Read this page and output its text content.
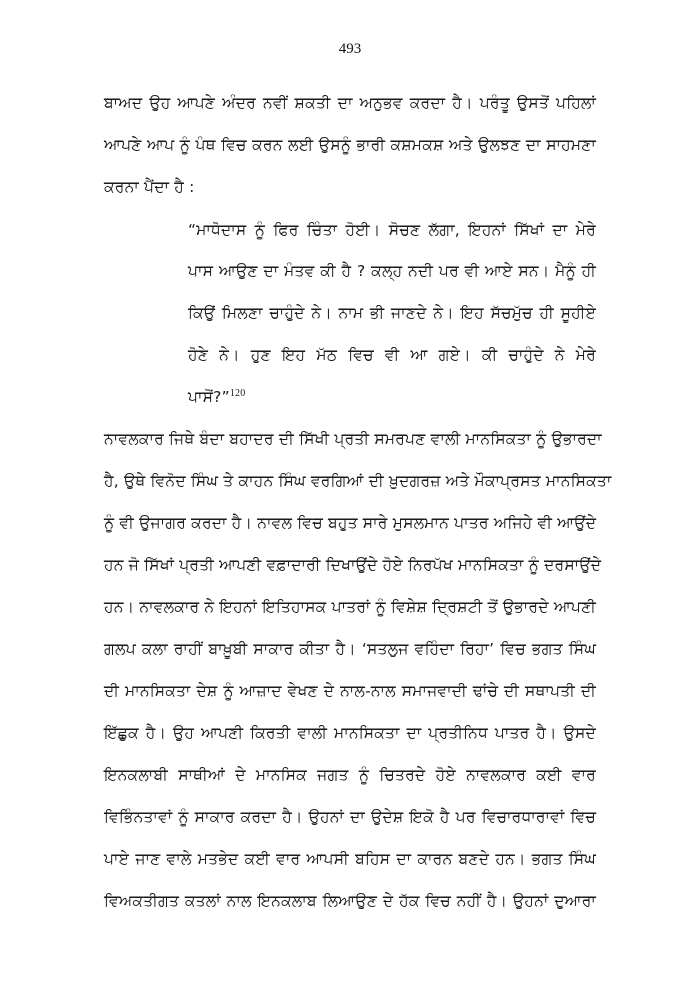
493
ਬਾਅਦ ਉਹ ਆਪਣੇ ਅੰਦਰ ਨਵੀਂ ਸ਼ਕਤੀ ਦਾ ਅਨੁਭਵ ਕਰਦਾ ਹੈ। ਪਰੰਤੂ ਉਸਤੋਂ ਪਹਿਲਾਂ
ਆਪਣੇ ਆਪ ਨੂੰ ਪੰਥ ਵਿਚ ਕਰਨ ਲਈ ਉਸਨੂੰ ਭਾਰੀ ਕਸ਼ਮਕਸ਼ ਅਤੇ ਉਲਝਣ ਦਾ ਸਾਹਮਣਾ
ਕਰਨਾ ਪੈਂਦਾ ਹੈ :
“ਮਾਧੋਦਾਸ ਨੂੰ ਫਿਰ ਚਿੰਤਾ ਹੋਈ। ਸੋਚਣ ਲੱਗਾ, ਇਹਨਾਂ ਸਿੱਖਾਂ ਦਾ ਮੇਰੇ
ਪਾਸ ਆਉਣ ਦਾ ਮੰਤਵ ਕੀ ਹੈ ? ਕਲ੍ਹ ਨਦੀ ਪਰ ਵੀ ਆਏ ਸਨ। ਮੈਨੂੰ ਹੀ
ਕਿਉਂ ਮਿਲਣਾ ਚਾਹੁੰਦੇ ਨੇ। ਨਾਮ ਭੀ ਜਾਣਦੇ ਨੇ। ਇਹ ਸੱਚਮੁੱਚ ਹੀ ਸੂਹੀਏ
ਹੋਣੇ ਨੇ। ਹੁਣ ਇਹ ਮੱਠ ਵਿਚ ਵੀ ਆ ਗਏ। ਕੀ ਚਾਹੁੰਦੇ ਨੇ ਮੇਰੇ
ਪਾਸੋਂ?”$^{120}$
ਨਾਵਲਕਾਰ ਜਿਥੇ ਬੰਦਾ ਬਹਾਦਰ ਦੀ ਸਿੱਖੀ ਪ੍ਰਤੀ ਸਮਰਪਣ ਵਾਲੀ ਮਾਨਸਿਕਤਾ ਨੂੰ ਉਭਾਰਦਾ
ਹੈ, ਉਥੇ ਵਿਨੋਦ ਸਿੰਘ ਤੇ ਕਾਹਨ ਸਿੰਘ ਵਰਗਿਆਂ ਦੀ ਖ਼ੁਦਗਰਜ਼ ਅਤੇ ਮੌਕਾਪ੍ਰਸਤ ਮਾਨਸਿਕਤਾ
ਨੂੰ ਵੀ ਉਜਾਗਰ ਕਰਦਾ ਹੈ। ਨਾਵਲ ਵਿਚ ਬਹੁਤ ਸਾਰੇ ਮੁਸਲਮਾਨ ਪਾਤਰ ਅਜਿਹੇ ਵੀ ਆਉਂਦੇ
ਹਨ ਜੋ ਸਿੱਖਾਂ ਪ੍ਰਤੀ ਆਪਣੀ ਵਫ਼ਾਦਾਰੀ ਦਿਖਾਉਂਦੇ ਹੋਏ ਨਿਰਪੱਖ ਮਾਨਸਿਕਤਾ ਨੂੰ ਦਰਸਾਉਂਦੇ
ਹਨ। ਨਾਵਲਕਾਰ ਨੇ ਇਹਨਾਂ ਇਤਿਹਾਸਕ ਪਾਤਰਾਂ ਨੂੰ ਵਿਸ਼ੇਸ਼ ਦ੍ਰਿਸ਼ਟੀ ਤੋਂ ਉਭਾਰਦੇ ਆਪਣੀ
ਗਲਪ ਕਲਾ ਰਾਹੀਂ ਬਾਖ਼ੂਬੀ ਸਾਕਾਰ ਕੀਤਾ ਹੈ। ‘ਸਤਲੁਜ ਵਹਿੰਦਾ ਰਿਹਾ’ ਵਿਚ ਭਗਤ ਸਿੰਘ
ਦੀ ਮਾਨਸਿਕਤਾ ਦੇਸ਼ ਨੂੰ ਆਜ਼ਾਦ ਵੇਖਣ ਦੇ ਨਾਲ-ਨਾਲ ਸਮਾਜਵਾਦੀ ਢਾਂਚੇ ਦੀ ਸਥਾਪਤੀ ਦੀ
ਇੱਛੁਕ ਹੈ। ਉਹ ਆਪਣੀ ਕਿਰਤੀ ਵਾਲੀ ਮਾਨਸਿਕਤਾ ਦਾ ਪ੍ਰਤੀਨਿਧ ਪਾਤਰ ਹੈ। ਉਸਦੇ
ਇਨਕਲਾਬੀ ਸਾਥੀਆਂ ਦੇ ਮਾਨਸਿਕ ਜਗਤ ਨੂੰ ਚਿਤਰਦੇ ਹੋਏ ਨਾਵਲਕਾਰ ਕਈ ਵਾਰ
ਵਿਭਿੰਨਤਾਵਾਂ ਨੂੰ ਸਾਕਾਰ ਕਰਦਾ ਹੈ। ਉਹਨਾਂ ਦਾ ਉਦੇਸ਼ ਇਕੋ ਹੈ ਪਰ ਵਿਚਾਰਧਾਰਾਵਾਂ ਵਿਚ
ਪਾਏ ਜਾਣ ਵਾਲੇ ਮਤਭੇਦ ਕਈ ਵਾਰ ਆਪਸੀ ਬਹਿਸ ਦਾ ਕਾਰਨ ਬਣਦੇ ਹਨ। ਭਗਤ ਸਿੰਘ
ਵਿਅਕਤੀਗਤ ਕਤਲਾਂ ਨਾਲ ਇਨਕਲਾਬ ਲਿਆਉਣ ਦੇ ਹੱਕ ਵਿਚ ਨਹੀਂ ਹੈ। ਉਹਨਾਂ ਦੁਆਰਾ
